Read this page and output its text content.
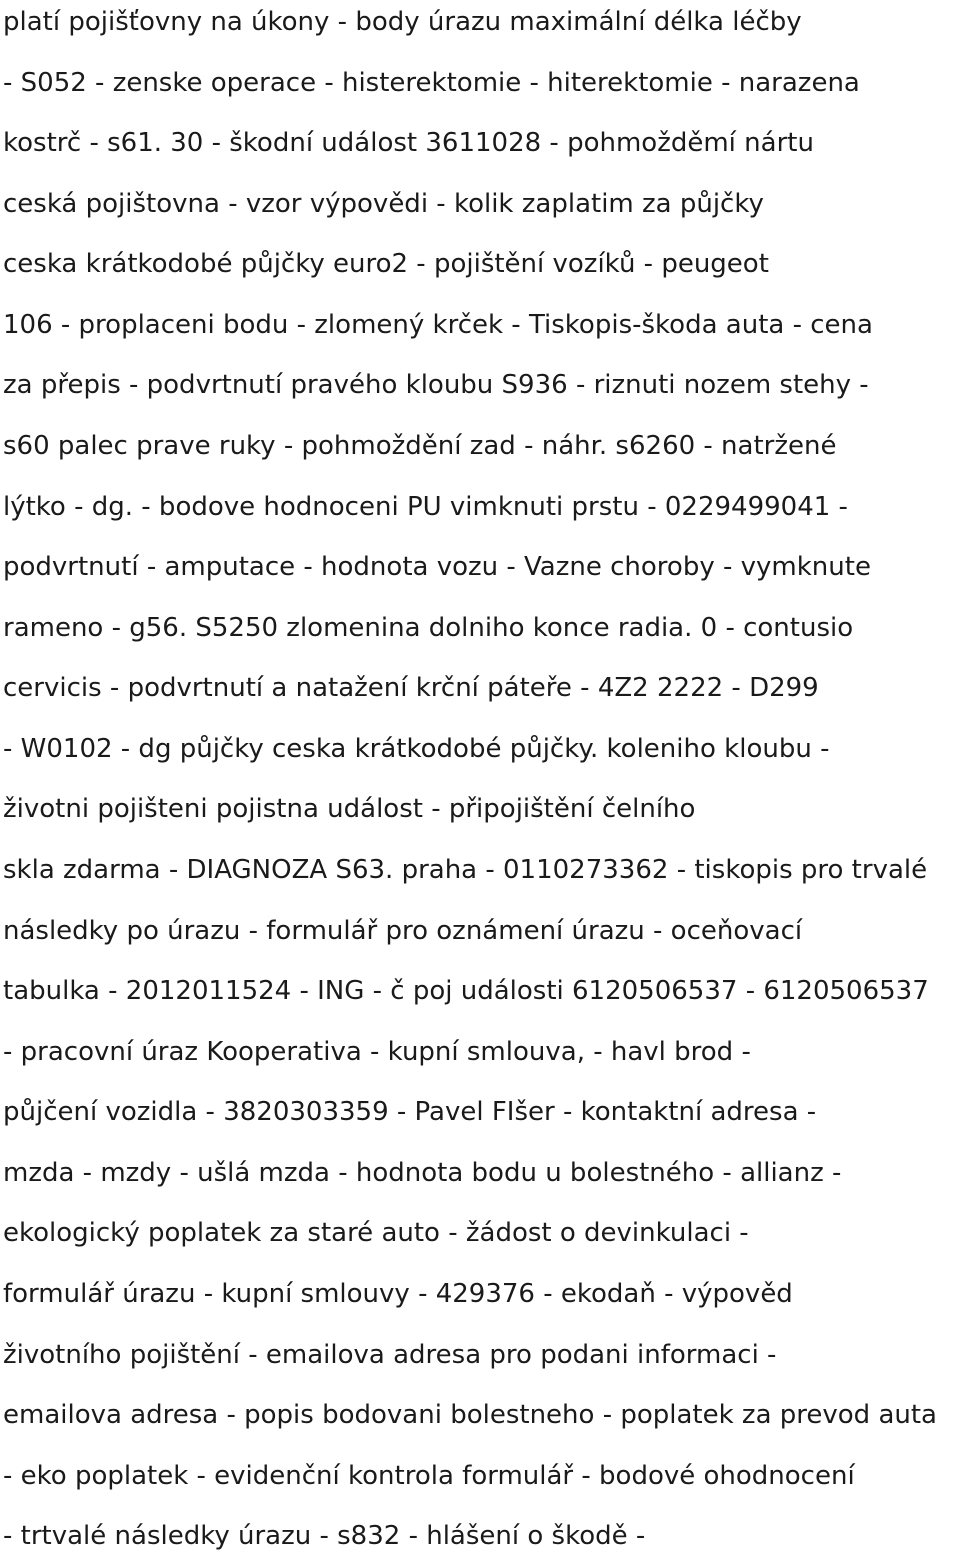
platí pojišťovny na úkony - body úrazu maximální délka léčby
- S052 - zenske operace - histerektomie - hiterektomie - narazena
kostrč - s61. 30 - škodní událost 3611028 - pohmožděmí nártu
ceská pojištovna - vzor výpovědi - kolik zaplatim za půjčky
ceska krátkodobé půjčky euro2 - pojištění vozíků - peugeot
106 - proplaceni bodu - zlomený krček - Tiskopis-škoda auta - cena
za přepis - podvrtnutí pravého kloubu S936 - riznuti nozem stehy -
s60 palec prave ruky - pohmoždění zad - náhr. s6260 - natržené
lýtko - dg. - bodove hodnoceni PU vimknuti prstu - 0229499041 -
podvrtnutí - amputace - hodnota vozu - Vazne choroby - vymknute
rameno - g56. S5250 zlomenina dolniho konce radia. 0 - contusio
cervicis - podvrtnutí a natažení krční páteře - 4Z2 2222 - D299
- W0102 - dg půjčky ceska krátkodobé půjčky. koleniho kloubu -
životni pojišteni pojistna událost - připojištění čelního
skla zdarma - DIAGNOZA S63. praha - 0110273362 - tiskopis pro trvalé
následky po úrazu - formulář pro oznámení úrazu - oceňovací
tabulka - 2012011524 - ING - č poj události 6120506537 - 6120506537
- pracovní úraz Kooperativa - kupní smlouva, - havl brod -
půjčení vozidla - 3820303359 - Pavel FIšer - kontaktní adresa -
mzda - mzdy - ušlá mzda - hodnota bodu u bolestného - allianz -
ekologický poplatek za staré auto - žádost o devinkulaci -
formulář úrazu - kupní smlouvy - 429376 - ekodaň - výpověd
životního pojištění - emailova adresa pro podani informaci -
emailova adresa - popis bodovani bolestneho - poplatek za prevod auta
- eko poplatek - evidenční kontrola formulář - bodové ohodnocení
- trtvalé následky úrazu - s832 - hlášení o škodě -
